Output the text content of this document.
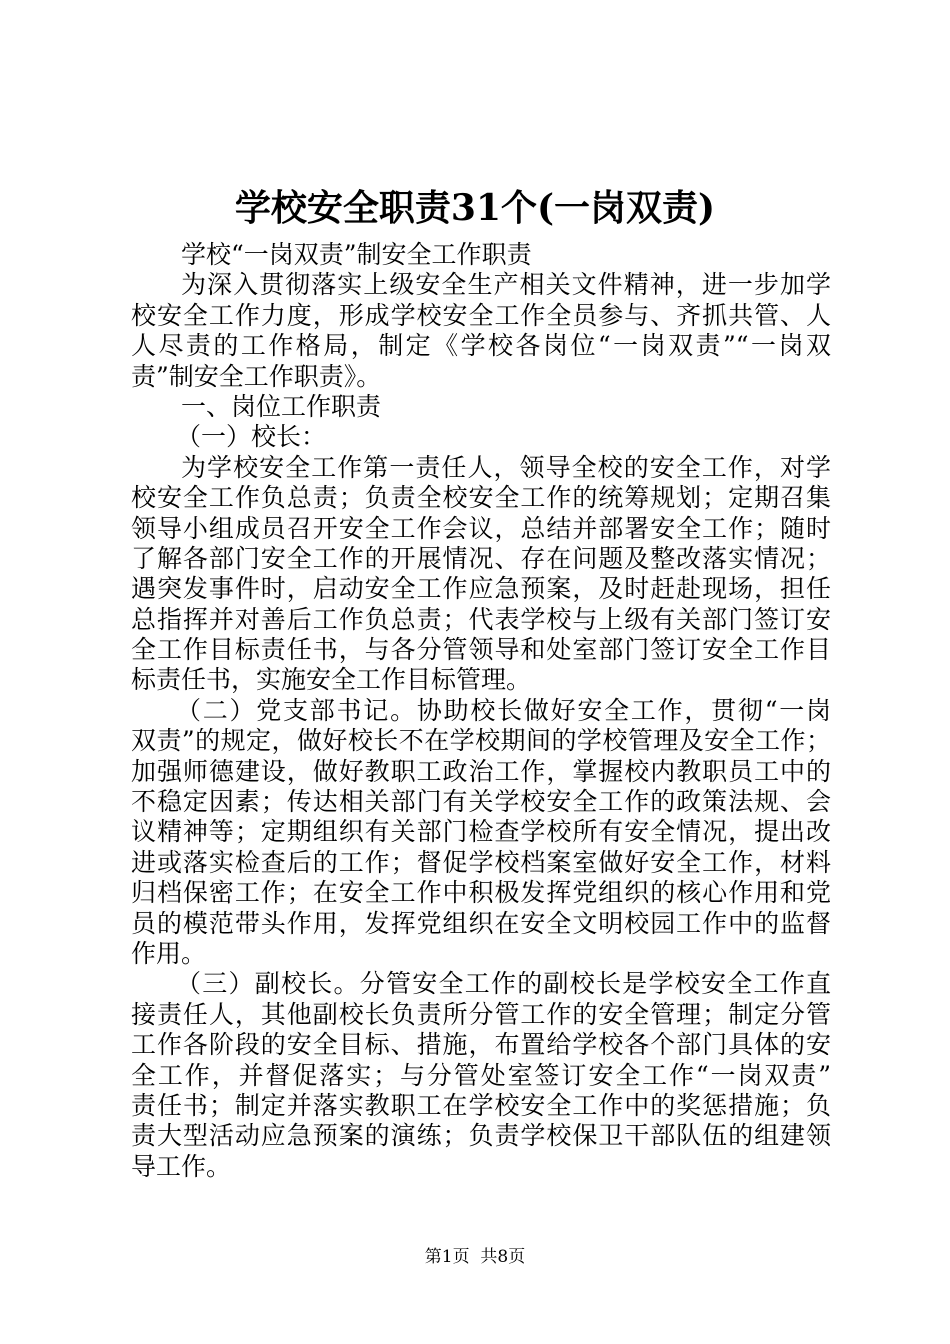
学校安全职责31个(一岗双责)
学校“一岗双责”制安全工作职责
为深入贯彻落实上级安全生产相关文件精神，进一步加学
校安全工作力度，形成学校安全工作全员参与、齐抓共管、人
人尽责的工作格局，制定《学校各岗位“一岗双责”“一岗双
责”制安全工作职责》。
一、岗位工作职责
（一）校长：
为学校安全工作第一责任人，领导全校的安全工作，对学
校安全工作负总责；负责全校安全工作的统筹规划；定期召集
领导小组成员召开安全工作会议，总结并部署安全工作；随时
了解各部门安全工作的开展情况、存在问题及整改落实情况；
遇突发事件时，启动安全工作应急预案，及时赶赴现场，担任
总指挥并对善后工作负总责；代表学校与上级有关部门签订安
全工作目标责任书，与各分管领导和处室部门签订安全工作目
标责任书，实施安全工作目标管理。
（二）党支部书记。协助校长做好安全工作，贯彻“一岗
双责”的规定，做好校长不在学校期间的学校管理及安全工作；
加强师德建设，做好教职工政治工作，掌握校内教职员工中的
不稳定因素；传达相关部门有关学校安全工作的政策法规、会
议精神等；定期组织有关部门检查学校所有安全情况，提出改
进或落实检查后的工作；督促学校档案室做好安全工作，材料
归档保密工作；在安全工作中积极发挥党组织的核心作用和党
员的模范带头作用，发挥党组织在安全文明校园工作中的监督
作用。
（三）副校长。分管安全工作的副校长是学校安全工作直
接责任人，其他副校长负责所分管工作的安全管理；制定分管
工作各阶段的安全目标、措施，布置给学校各个部门具体的安
全工作，并督促落实；与分管处室签订安全工作“一岗双责”
责任书；制定并落实教职工在学校安全工作中的奖惩措施；负
责大型活动应急预案的演练；负责学校保卫干部队伍的组建领
导工作。
第1页  共8页
